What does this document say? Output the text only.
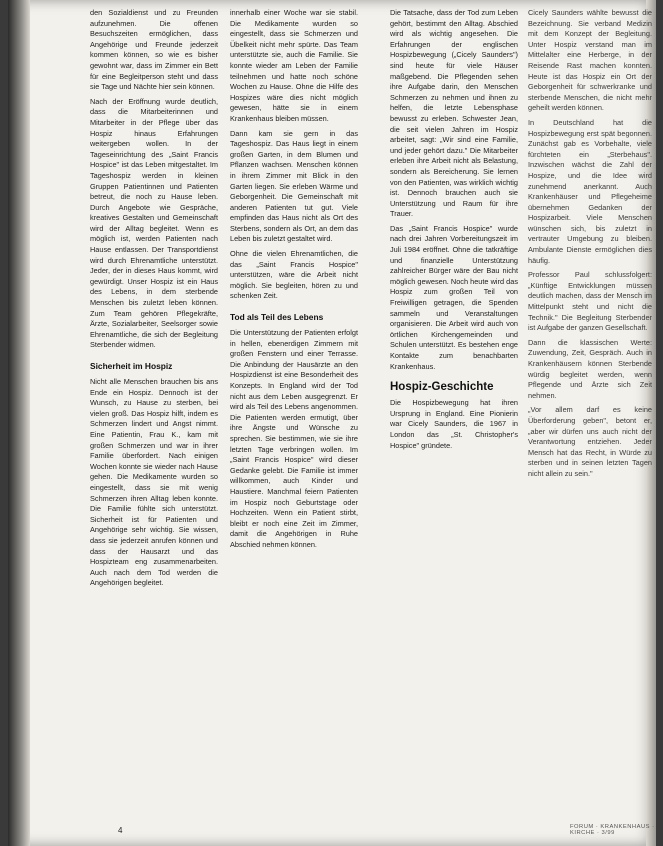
den Sozialdienst und zu Freunden aufzunehmen. Die offenen Besuchszeiten ermöglichen, dass Angehörige und Freunde jederzeit kommen können, so wie es bisher gewohnt war, dass im Zimmer ein Bett für eine Begleitperson steht und dass sie Tage und Nächte hier sein können.

Nach der Eröffnung wurde deutlich, dass die Mitarbeiterinnen und Mitarbeiter in der Pflege über das Hospiz hinaus Erfahrungen weitergeben wollen. In der Tageseinrichtung des „Saint Francis Hospice" ist das Leben mitgestaltet. Im Tageshospiz werden in kleinen Gruppen Patientinnen und Patienten betreut, die noch zu Hause leben. Durch Angebote wie Gespräche, kreatives Gestalten und Gemeinschaft wird der Alltag begleitet. Wenn es möglich ist, werden Patienten nach Hause entlassen. Der Transportdienst wird durch Ehrenamtliche unterstützt. Jeder, der in dieses Haus kommt, wird gewürdigt. Unser Hospiz ist ein Haus des Lebens, in dem sterbende Menschen bis zuletzt leben können. Zum Team gehören Pflegekräfte, Ärzte, Sozialarbeiter, Seelsorger sowie Ehrenamtliche, die sich der Begleitung Sterbender widmen.

Sicherheit im Hospiz

Nicht alle Menschen brauchen bis ans Ende ein Hospiz. Dennoch ist der Wunsch, zu Hause zu sterben, bei vielen groß. Das Hospiz hilft, indem es Schmerzen lindert und Angst nimmt. Eine Patientin, Frau K., kam mit großen Schmerzen und war in ihrer Familie überfordert. Nach einigen Wochen konnte sie wieder nach Hause gehen. Die Medikamente wurden so eingestellt, dass sie mit wenig Schmerzen ihren Alltag leben konnte. Die Familie fühlte sich unterstützt. Sicherheit ist für Patienten und Angehörige sehr wichtig. Sie wissen, dass sie jederzeit anrufen können und dass der Hausarzt und das Hospizteam eng zusammenarbeiten. Auch nach dem Tod werden die Angehörigen begleitet.

innerhalb einer Woche war sie stabil. Die Medikamente wurden so eingestellt, dass sie Schmerzen und Übelkeit nicht mehr spürte. Das Team unterstützte sie, auch die Familie. Sie konnte wieder am Leben der Familie teilnehmen und hatte noch schöne Wochen zu Hause. Ohne die Hilfe des Hospizes wäre dies nicht möglich gewesen, hätte sie in einem Krankenhaus bleiben müssen.

Dann kam sie gern in das Tageshospiz. Das Haus liegt in einem großen Garten, in dem Blumen und Pflanzen wachsen. Menschen können in ihrem Zimmer mit Blick in den Garten liegen. Sie erleben Wärme und Geborgenheit. Die Gemeinschaft mit anderen Patienten tut gut. Viele empfinden das Haus nicht als Ort des Sterbens, sondern als Ort, an dem das Leben bis zuletzt gestaltet wird.

Ohne die vielen Ehrenamtlichen, die das „Saint Francis Hospice" unterstützen, wäre die Arbeit nicht möglich. Sie begleiten, hören zu und schenken Zeit.

Tod als Teil des Lebens

Die Unterstützung der Patienten erfolgt in hellen, ebenerdigen Zimmern mit großen Fenstern und einer Terrasse. Die Anbindung der Hausärzte an den Hospizdienst ist eine Besonderheit des Konzepts. In England wird der Tod nicht aus dem Leben ausgegrenzt. Er wird als Teil des Lebens angenommen. Die Patienten werden ermutigt, über ihre Ängste und Wünsche zu sprechen. Sie bestimmen, wie sie ihre letzten Tage verbringen wollen. Im „Saint Francis Hospice" wird dieser Gedanke gelebt. Die Familie ist immer willkommen, auch Kinder und Haustiere. Manchmal feiern Patienten im Hospiz noch Geburtstage oder Hochzeiten. Wenn ein Patient stirbt, bleibt er noch eine Zeit im Zimmer, damit die Angehörigen in Ruhe Abschied nehmen können.

Die Tatsache, dass der Tod zum Leben gehört, bestimmt den Alltag. Abschied wird als wichtig angesehen. Die Erfahrungen der englischen Hospizbewegung („Cicely Saunders") sind heute für viele Häuser maßgebend. Die Pflegenden sehen ihre Aufgabe darin, den Menschen Schmerzen zu nehmen und ihnen zu helfen, die letzte Lebensphase bewusst zu erleben. Schwester Jean, die seit vielen Jahren im Hospiz arbeitet, sagt: „Wir sind eine Familie, und jeder gehört dazu." Die Mitarbeiter erleben ihre Arbeit nicht als Belastung, sondern als Bereicherung. Sie lernen von den Patienten, was wirklich wichtig ist. Dennoch brauchen auch sie Unterstützung und Raum für ihre Trauer.

Das „Saint Francis Hospice" wurde nach drei Jahren Vorbereitungszeit im Juli 1984 eröffnet. Ohne die tatkräftige und finanzielle Unterstützung zahlreicher Bürger wäre der Bau nicht möglich gewesen. Noch heute wird das Hospiz zum großen Teil von Freiwilligen getragen, die Spenden sammeln und Veranstaltungen organisieren. Die Arbeit wird auch von örtlichen Kirchengemeinden und Schulen unterstützt. Es bestehen enge Kontakte zum benachbarten Krankenhaus.

Hospiz-Geschichte

Die Hospizbewegung hat ihren Ursprung in England. Eine Pionierin war Cicely Saunders, die 1967 in London das „St. Christopher's Hospice" gründete.

Cicely Saunders wählte bewusst die Bezeichnung. Sie verband Medizin mit dem Konzept der Begleitung. Unter Hospiz verstand man im Mittelalter eine Herberge, in der Reisende Rast machen konnten. Heute ist das Hospiz ein Ort der Geborgenheit für schwerkranke und sterbende Menschen, die nicht mehr geheilt werden können.

In Deutschland hat die Hospizbewegung erst spät begonnen. Zunächst gab es Vorbehalte, viele fürchteten ein „Sterbehaus". Inzwischen wächst die Zahl der Hospize, und die Idee wird zunehmend anerkannt. Auch Krankenhäuser und Pflegeheime übernehmen Gedanken der Hospizarbeit. Viele Menschen wünschen sich, bis zuletzt in vertrauter Umgebung zu bleiben. Ambulante Dienste ermöglichen dies häufig.

Professor Paul schlussfolgert: „Künftige Entwicklungen müssen deutlich machen, dass der Mensch im Mittelpunkt steht und nicht die Technik." Die Begleitung Sterbender ist Aufgabe der ganzen Gesellschaft.

Dann die klassischen Werte: Zuwendung, Zeit, Gespräch. Auch in Krankenhäusern können Sterbende würdig begleitet werden, wenn Pflegende und Ärzte sich Zeit nehmen.

„Vor allem darf es keine Überforderung geben", betont er, „aber wir dürfen uns auch nicht der Verantwortung entziehen. Jeder Mensch hat das Recht, in Würde zu sterben und in seinen letzten Tagen nicht allein zu sein."

4	FORUM · KRANKENHAUS · KIRCHE · 3/99
